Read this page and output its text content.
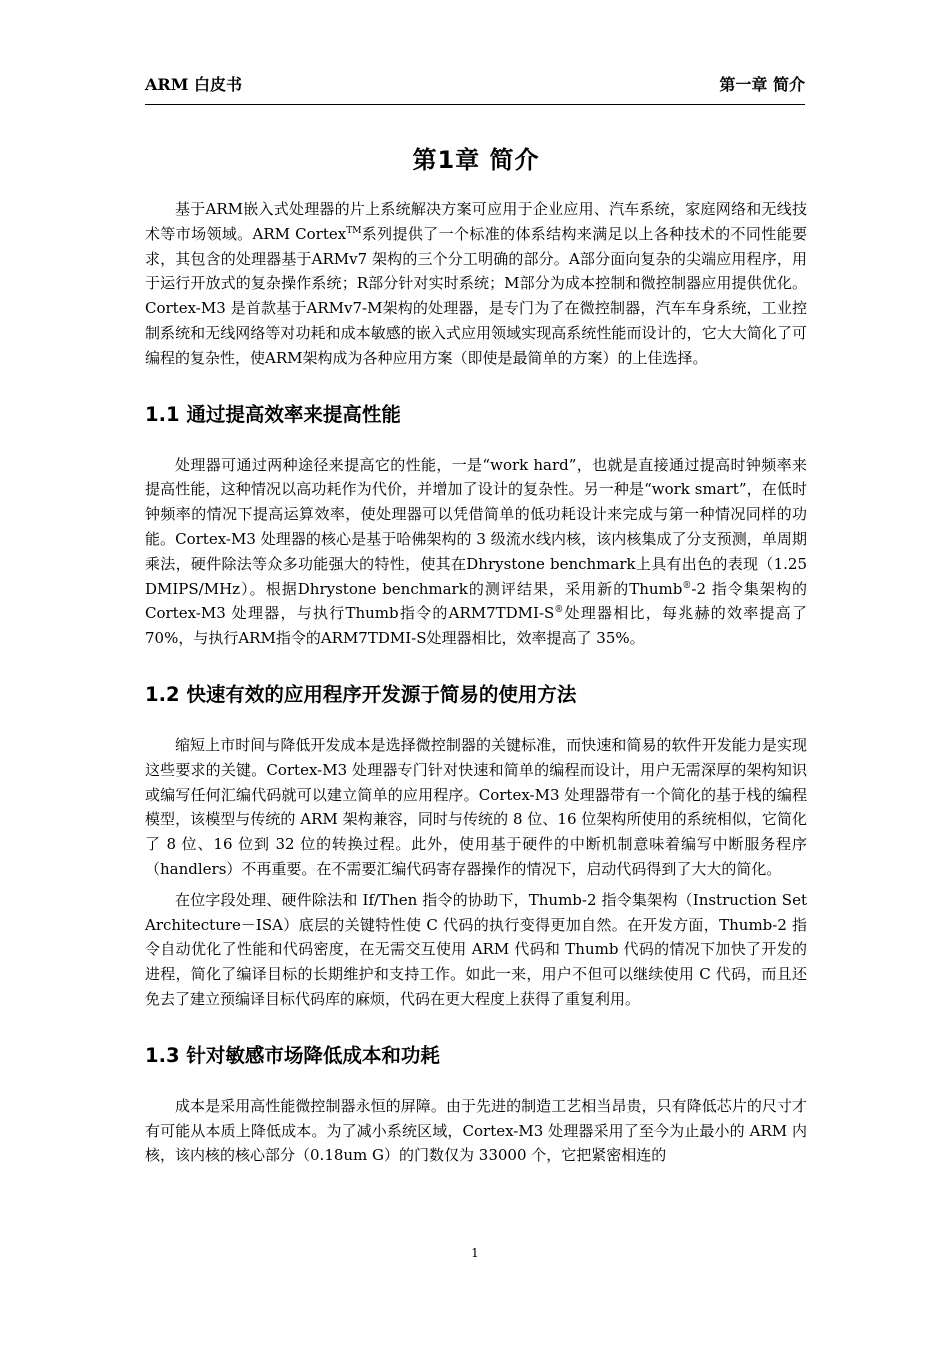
ARM 白皮书	第一章 简介
第1章 简介

基于ARM嵌入式处理器的片上系统解决方案可应用于企业应用、汽车系统，家庭网络和无线技术等市场领域。ARM Cortex™系列提供了一个标准的体系结构来满足以上各种技术的不同性能要求，其包含的处理器基于ARMv7 架构的三个分工明确的部分。A部分面向复杂的尖端应用程序，用于运行开放式的复杂操作系统；R部分针对实时系统；M部分为成本控制和微控制器应用提供优化。Cortex-M3 是首款基于ARMv7-M架构的处理器，是专门为了在微控制器，汽车车身系统，工业控制系统和无线网络等对功耗和成本敏感的嵌入式应用领域实现高系统性能而设计的，它大大简化了可编程的复杂性，使ARM架构成为各种应用方案（即使是最简单的方案）的上佳选择。

1.1 通过提高效率来提高性能

处理器可通过两种途径来提高它的性能，一是“work hard”，也就是直接通过提高时钟频率来提高性能，这种情况以高功耗作为代价，并增加了设计的复杂性。另一种是“work smart”，在低时钟频率的情况下提高运算效率，使处理器可以凭借简单的低功耗设计来完成与第一种情况同样的功能。Cortex-M3 处理器的核心是基于哈佛架构的 3 级流水线内核，该内核集成了分支预测，单周期乘法，硬件除法等众多功能强大的特性，使其在Dhrystone benchmark上具有出色的表现（1.25 DMIPS/MHz）。根据Dhrystone benchmark的测评结果，采用新的Thumb®-2 指令集架构的Cortex-M3 处理器，与执行Thumb指令的ARM7TDMI-S®处理器相比，每兆赫的效率提高了 70%，与执行ARM指令的ARM7TDMI-S处理器相比，效率提高了 35%。

1.2 快速有效的应用程序开发源于简易的使用方法

缩短上市时间与降低开发成本是选择微控制器的关键标准，而快速和简易的软件开发能力是实现这些要求的关键。Cortex-M3 处理器专门针对快速和简单的编程而设计，用户无需深厚的架构知识或编写任何汇编代码就可以建立简单的应用程序。Cortex-M3 处理器带有一个简化的基于栈的编程模型，该模型与传统的 ARM 架构兼容，同时与传统的 8 位、16 位架构所使用的系统相似，它简化了 8 位、16 位到 32 位的转换过程。此外，使用基于硬件的中断机制意味着编写中断服务程序（handlers）不再重要。在不需要汇编代码寄存器操作的情况下，启动代码得到了大大的简化。

在位字段处理、硬件除法和 If/Then 指令的协助下，Thumb-2 指令集架构（Instruction Set Architecture－ISA）底层的关键特性使 C 代码的执行变得更加自然。在开发方面，Thumb-2 指令自动优化了性能和代码密度，在无需交互使用 ARM 代码和 Thumb 代码的情况下加快了开发的进程，简化了编译目标的长期维护和支持工作。如此一来，用户不但可以继续使用 C 代码，而且还免去了建立预编译目标代码库的麻烦，代码在更大程度上获得了重复利用。

1.3 针对敏感市场降低成本和功耗

成本是采用高性能微控制器永恒的屏障。由于先进的制造工艺相当昂贵，只有降低芯片的尺寸才有可能从本质上降低成本。为了减小系统区域，Cortex-M3 处理器采用了至今为止最小的 ARM 内核，该内核的核心部分（0.18um G）的门数仅为 33000 个，它把紧密相连的

1
